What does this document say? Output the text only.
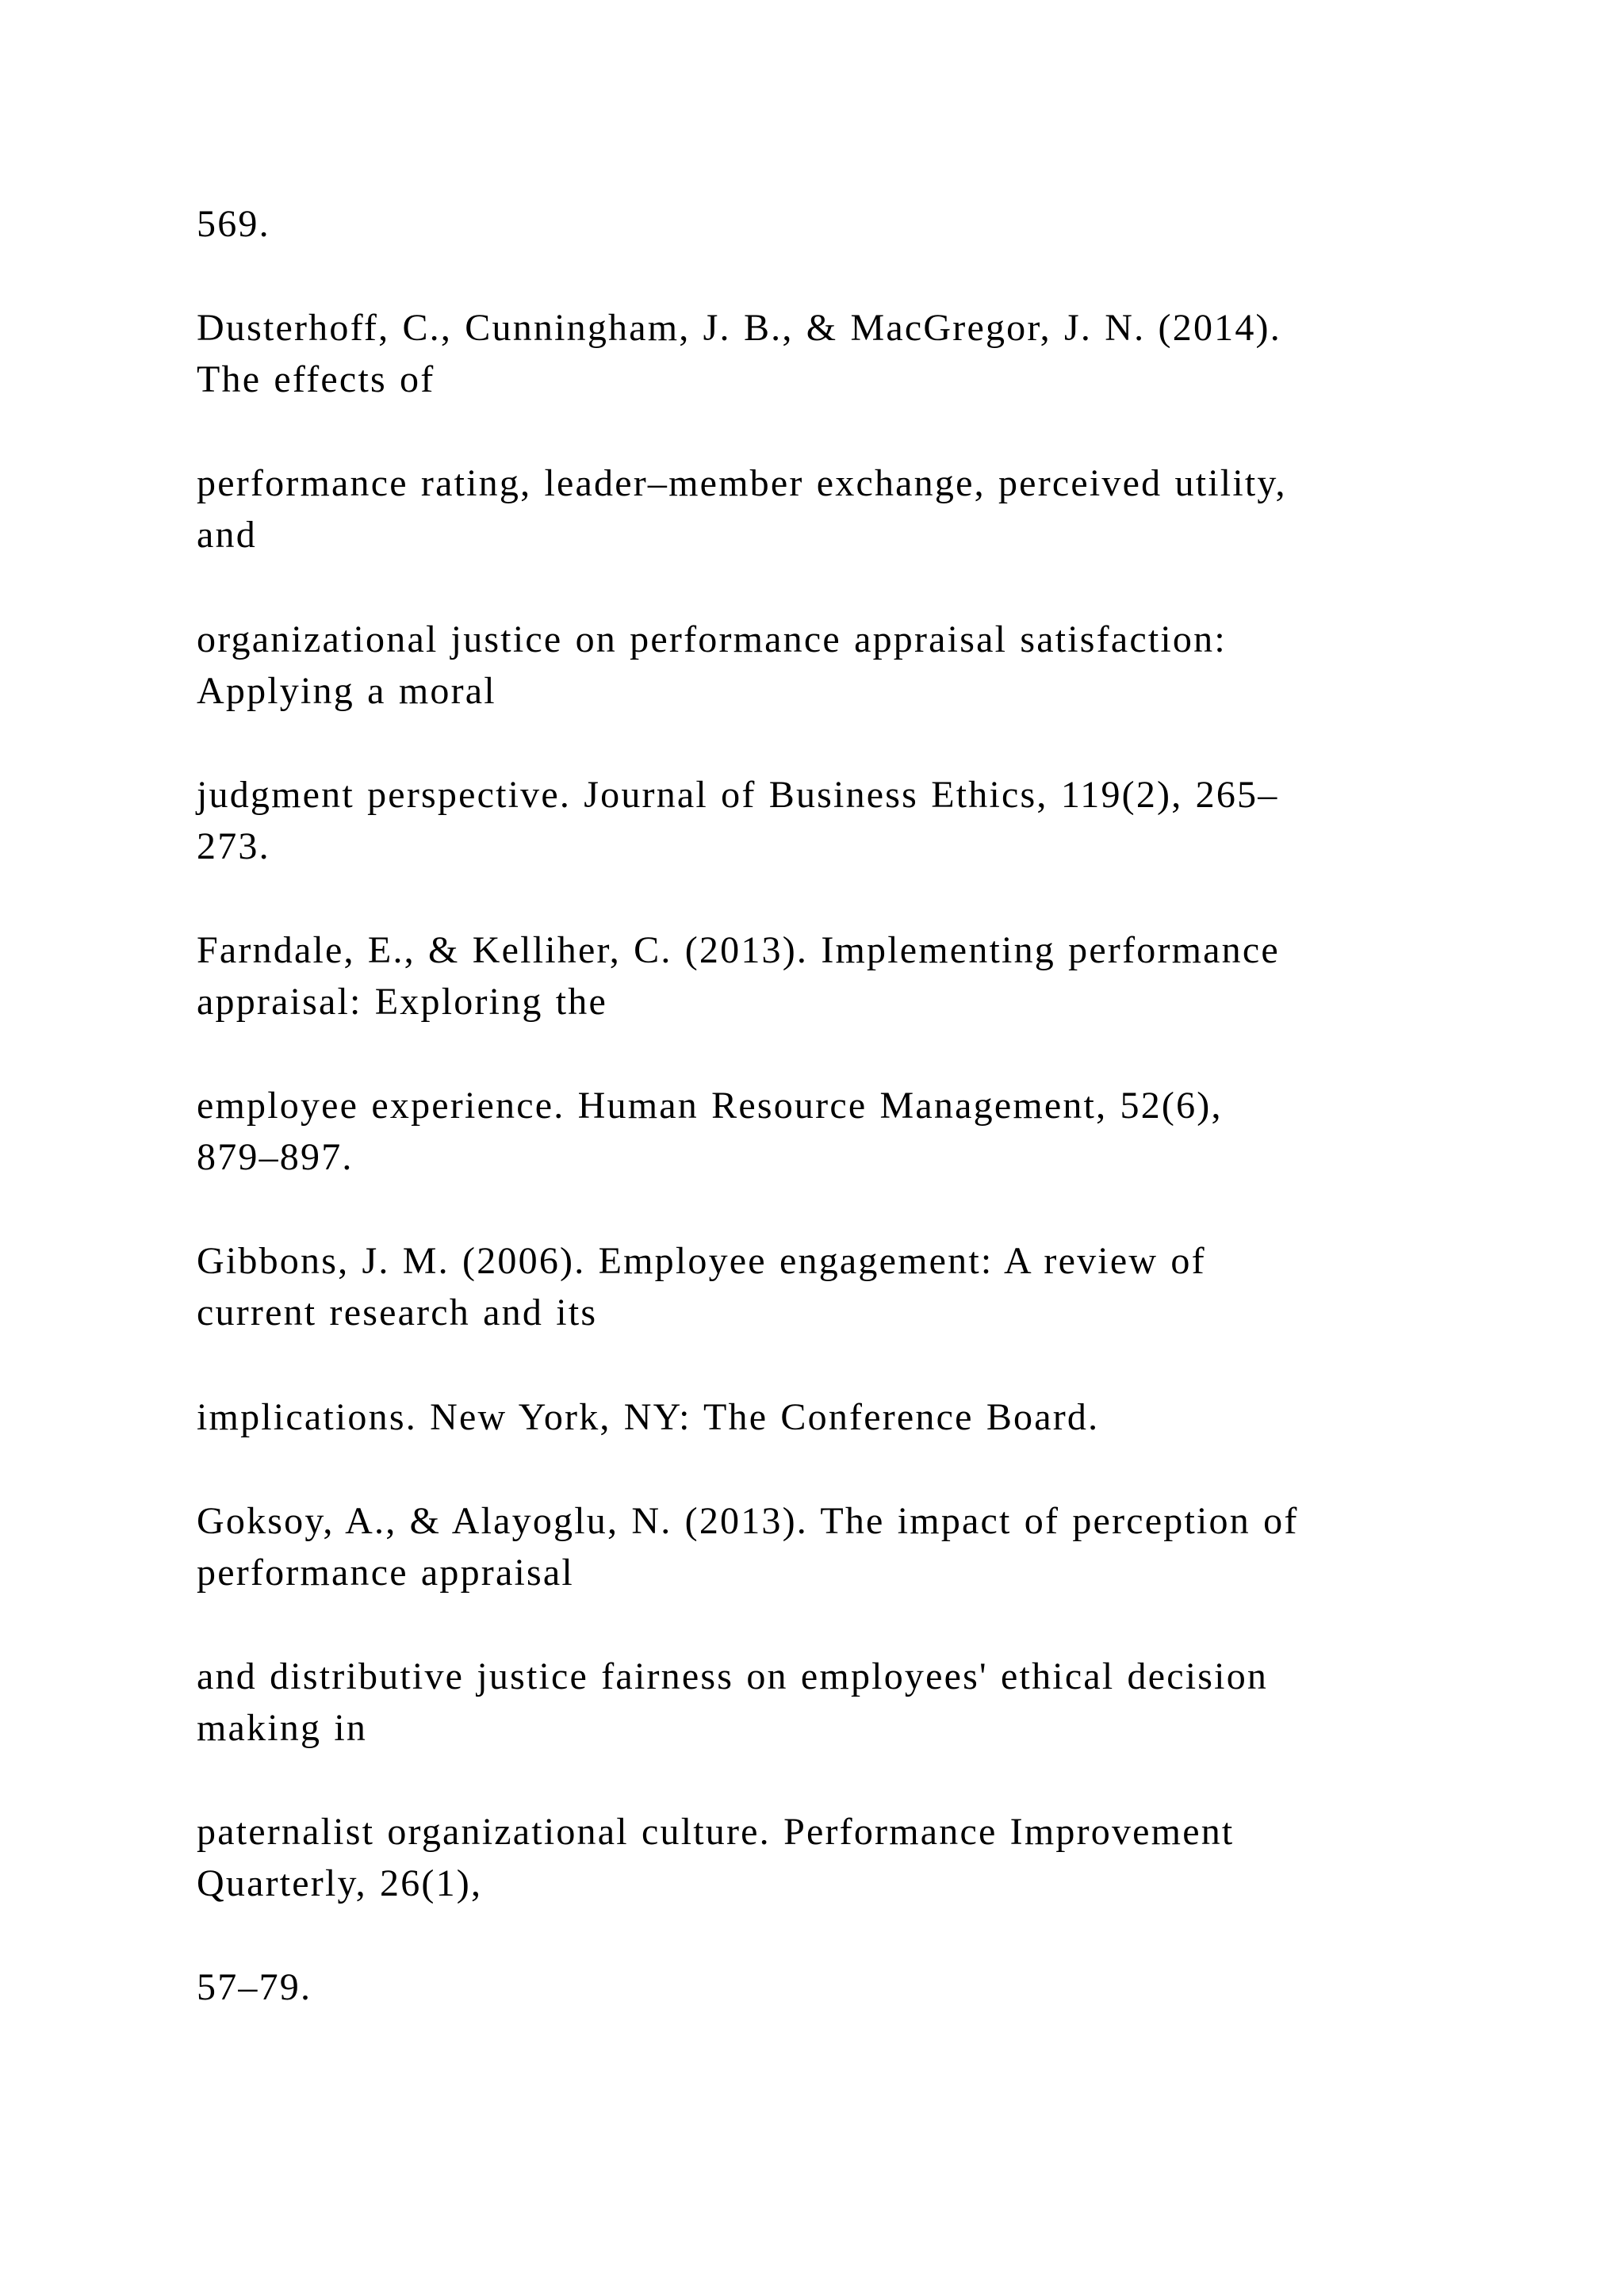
569.
Dusterhoff, C., Cunningham, J. B., & MacGregor, J. N. (2014).
The effects of
performance rating, leader–member exchange, perceived utility,
and
organizational justice on performance appraisal satisfaction:
Applying a moral
judgment perspective. Journal of Business Ethics, 119(2), 265–
273.
Farndale, E., & Kelliher, C. (2013). Implementing performance
appraisal: Exploring the
employee experience. Human Resource Management, 52(6),
879–897.
Gibbons, J. M. (2006). Employee engagement: A review of
current research and its
implications. New York, NY: The Conference Board.
Goksoy, A., & Alayoglu, N. (2013). The impact of perception of
performance appraisal
and distributive justice fairness on employees' ethical decision
making in
paternalist organizational culture. Performance Improvement
Quarterly, 26(1),
57–79.
